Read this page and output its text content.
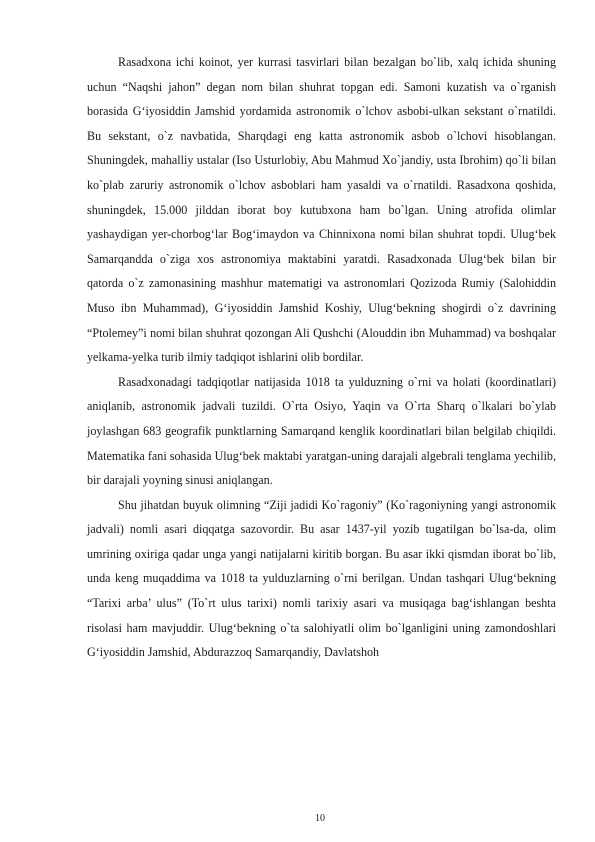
Rasadxona ichi koinot, yer kurrasi tasvirlari bilan bezalgan bo`lib, xalq ichida shuning uchun “Naqshi jahon” degan nom bilan shuhrat topgan edi. Samoni kuzatish va o`rganish borasida G‘iyosiddin Jamshid yordamida astronomik o`lchov asbobi-ulkan sekstant o`rnatildi. Bu sekstant, o`z navbatida, Sharqdagi eng katta astronomik asbob o`lchovi hisoblangan. Shuningdek, mahalliy ustalar (Iso Usturlobiy, Abu Mahmud Xo`jandiy, usta Ibrohim) qo`li bilan ko`plab zaruriy astronomik o`lchov asboblari ham yasaldi va o`rnatildi. Rasadxona qoshida, shuningdek, 15.000 jilddan iborat boy kutubxona ham bo`lgan. Uning atrofida olimlar yashaydigan yer-chorbog‘lar Bog‘imaydon va Chinnixona nomi bilan shuhrat topdi. Ulug‘bek Samarqandda o`ziga xos astronomiya maktabini yaratdi. Rasadxonada Ulug‘bek bilan bir qatorda o`z zamonasining mashhur matematigi va astronomlari Qozizoda Rumiy (Salohiddin Muso ibn Muhammad), G‘iyosiddin Jamshid Koshiy, Ulug‘bekning shogirdi o`z davrining “Ptolemey”i nomi bilan shuhrat qozongan Ali Qushchi (Alouddin ibn Muhammad) va boshqalar yelkama-yelka turib ilmiy tadqiqot ishlarini olib bordilar.

Rasadxonadagi tadqiqotlar natijasida 1018 ta yulduzning o`rni va holati (koordinatlari) aniqlanib, astronomik jadvali tuzildi. O`rta Osiyo, Yaqin va O`rta Sharq o`lkalari bo`ylab joylashgan 683 geografik punktlarning Samarqand kenglik koordinatlari bilan belgilab chiqildi. Matematika fani sohasida Ulug‘bek maktabi yaratgan-uning darajali algebrali tenglama yechilib, bir darajali yoyning sinusi aniqlangan.

Shu jihatdan buyuk olimning “Ziji jadidi Ko`ragoniy” (Ko`ragoniyning yangi astronomik jadvali) nomli asari diqqatga sazovordir. Bu asar 1437-yil yozib tugatilgan bo`lsa-da, olim umrining oxiriga qadar unga yangi natijalarni kiritib borgan. Bu asar ikki qismdan iborat bo`lib, unda keng muqaddima va 1018 ta yulduzlarning o`rni berilgan. Undan tashqari Ulug‘bekning “Tarixi arba’ ulus” (To`rt ulus tarixi) nomli tarixiy asari va musiqaga bag‘ishlangan beshta risolasi ham mavjuddir. Ulug‘bekning o`ta salohiyatli olim bo`lganligini uning zamondoshlari G‘iyosiddin Jamshid, Abdurazzoq Samarqandiy, Davlatshoh

10
